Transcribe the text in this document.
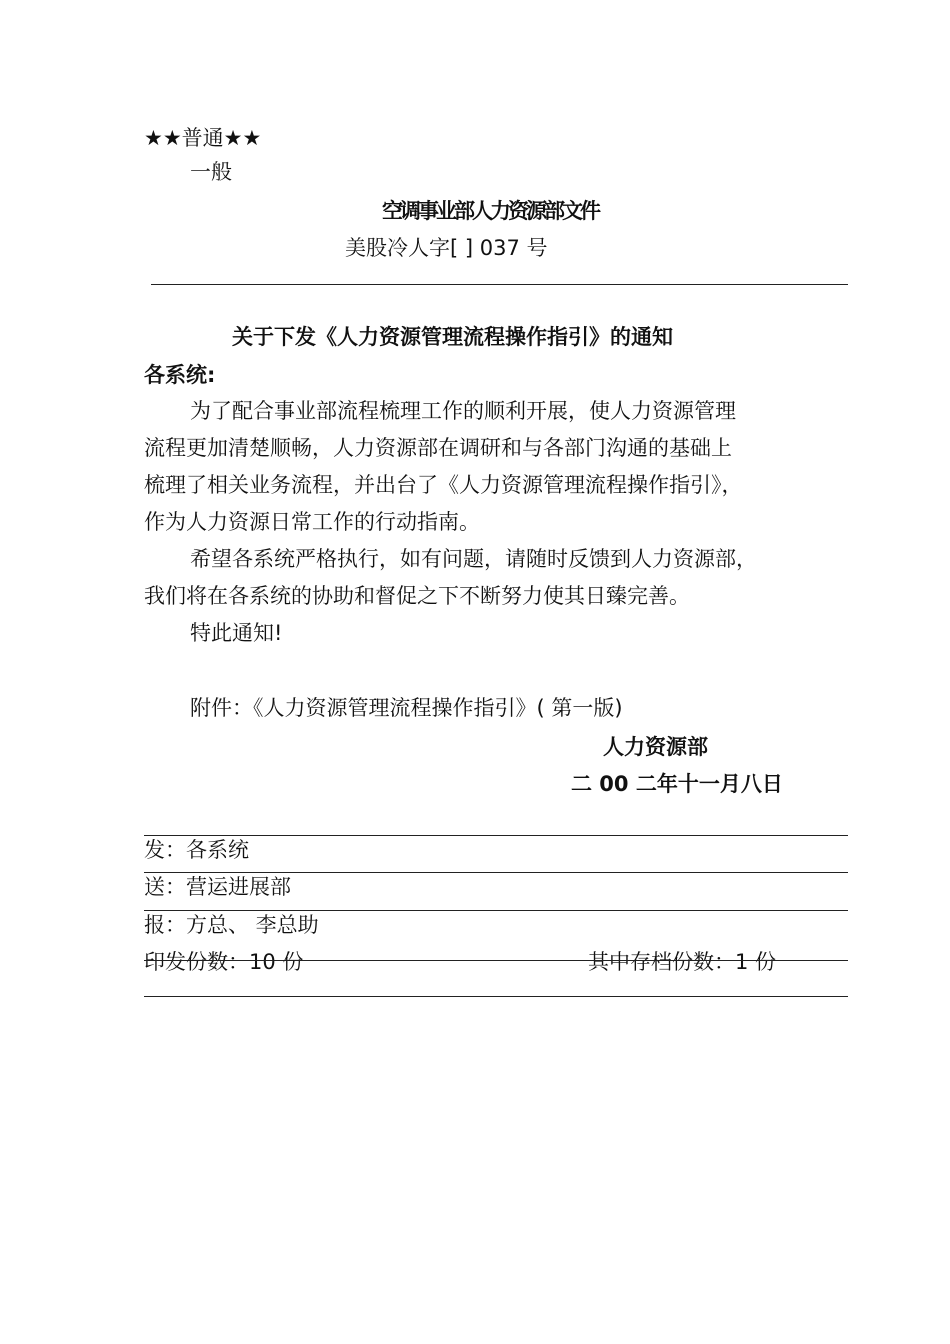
★★普通★★
一般
空调事业部人力资源部文件
美股冷人字[ ] 037 号
关于下发《人力资源管理流程操作指引》的通知
各系统:
为了配合事业部流程梳理工作的顺利开展，使人力资源管理
流程更加清楚顺畅，人力资源部在调研和与各部门沟通的基础上
梳理了相关业务流程，并出台了《人力资源管理流程操作指引》，
作为人力资源日常工作的行动指南。
希望各系统严格执行，如有问题，请随时反馈到人力资源部，
我们将在各系统的协助和督促之下不断努力使其日臻完善。
特此通知!
附件：《人力资源管理流程操作指引》( 第一版)
人力资源部
二 00 二年十一月八日
发：各系统
送：营运进展部
报：方总、 李总助
印发份数：10 份	其中存档份数：1 份
